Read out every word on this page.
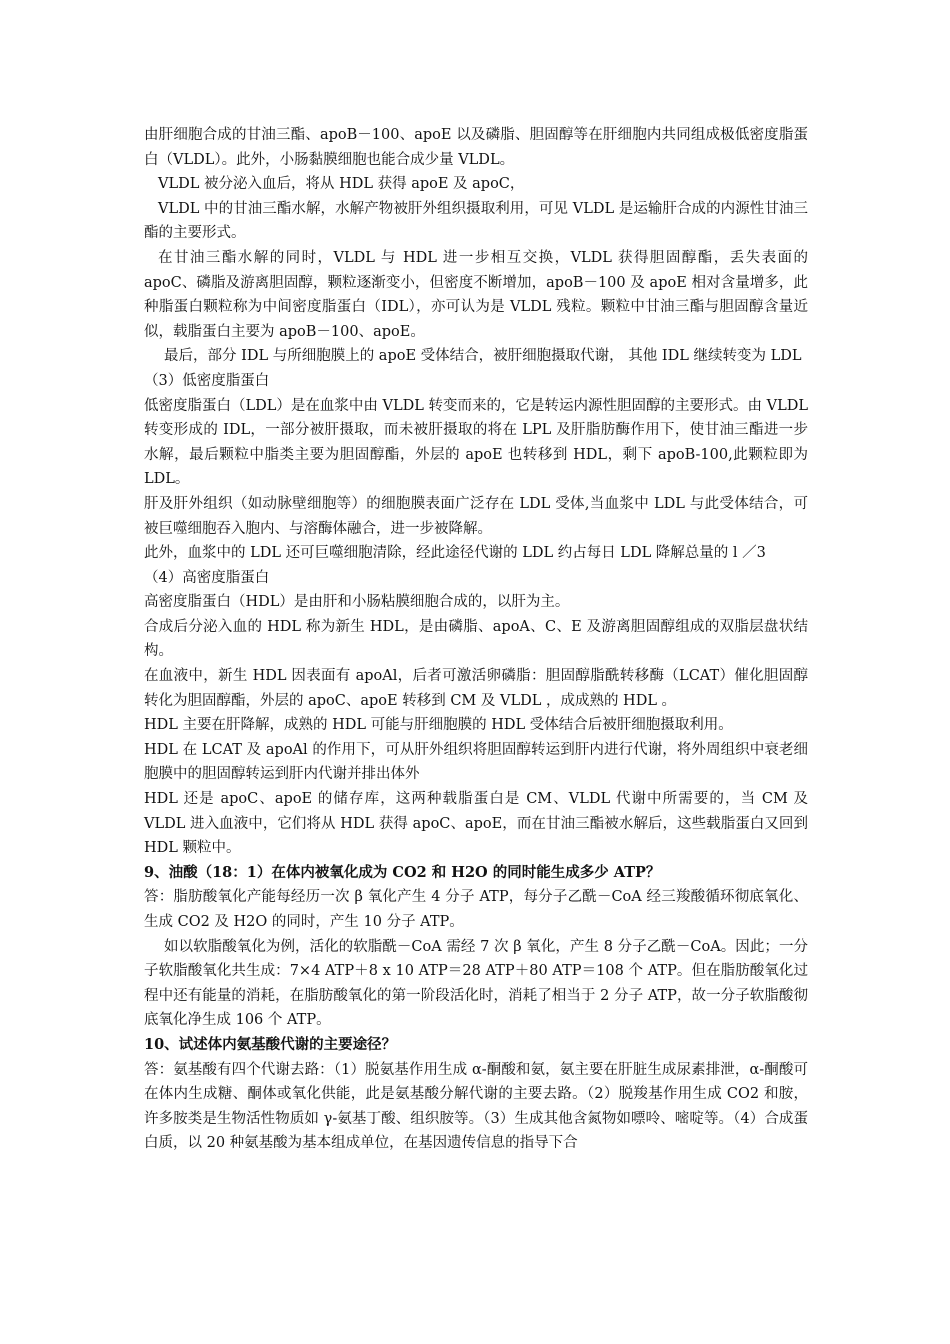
由肝细胞合成的甘油三酯、apoB－100、apoE 以及磷脂、胆固醇等在肝细胞内共同组成极低密度脂蛋白（VLDL）。此外，小肠黏膜细胞也能合成少量 VLDL。

VLDL 被分泌入血后，将从 HDL 获得 apoE 及 apoC，

VLDL 中的甘油三酯水解，水解产物被肝外组织摄取利用，可见 VLDL 是运输肝合成的内源性甘油三酯的主要形式。

在甘油三酯水解的同时，VLDL 与 HDL 进一步相互交换，VLDL 获得胆固醇酯，丢失表面的 apoC、磷脂及游离胆固醇，颗粒逐渐变小，但密度不断增加，apoB－100 及 apoE 相对含量增多，此种脂蛋白颗粒称为中间密度脂蛋白（IDL），亦可认为是 VLDL 残粒。颗粒中甘油三酯与胆固醇含量近似，载脂蛋白主要为 apoB－100、apoE。

最后，部分 IDL 与所细胞膜上的 apoE 受体结合，被肝细胞摄取代谢， 其他 IDL 继续转变为 LDL

（3）低密度脂蛋白

低密度脂蛋白（LDL）是在血浆中由 VLDL 转变而来的，它是转运内源性胆固醇的主要形式。由 VLDL 转变形成的 IDL，一部分被肝摄取，而未被肝摄取的将在 LPL 及肝脂肪酶作用下，使甘油三酯进一步水解，最后颗粒中脂类主要为胆固醇酯，外层的 apoE 也转移到 HDL，剩下 apoB-100,此颗粒即为 LDL。

肝及肝外组织（如动脉壁细胞等）的细胞膜表面广泛存在 LDL 受体,当血浆中 LDL 与此受体结合，可被巨噬细胞吞入胞内、与溶酶体融合，进一步被降解。

此外，血浆中的 LDL 还可巨噬细胞清除，经此途径代谢的 LDL 约占每日 LDL 降解总量的 l ／3

（4）高密度脂蛋白

高密度脂蛋白（HDL）是由肝和小肠粘膜细胞合成的，以肝为主。

合成后分泌入血的 HDL 称为新生 HDL，是由磷脂、apoA、C、E 及游离胆固醇组成的双脂层盘状结构。

在血液中，新生 HDL 因表面有 apoAl，后者可激活卵磷脂：胆固醇脂酰转移酶（LCAT）催化胆固醇转化为胆固醇酯，外层的 apoC、apoE 转移到 CM 及 VLDL ，成成熟的 HDL 。

HDL 主要在肝降解，成熟的 HDL 可能与肝细胞膜的 HDL 受体结合后被肝细胞摄取利用。

HDL 在 LCAT 及 apoAl 的作用下，可从肝外组织将胆固醇转运到肝内进行代谢，将外周组织中衰老细胞膜中的胆固醇转运到肝内代谢并排出体外

HDL 还是 apoC、apoE 的储存库，这两种载脂蛋白是 CM、VLDL 代谢中所需要的，当 CM 及 VLDL 进入血液中，它们将从 HDL 获得 apoC、apoE，而在甘油三酯被水解后，这些载脂蛋白又回到 HDL 颗粒中。

9、油酸（18：1）在体内被氧化成为 CO2 和 H2O 的同时能生成多少 ATP？

答：脂肪酸氧化产能每经历一次 β 氧化产生 4 分子 ATP，每分子乙酰－CoA 经三羧酸循环彻底氧化、生成 CO2 及 H2O 的同时，产生 10 分子 ATP。

如以软脂酸氧化为例，活化的软脂酰－CoA 需经 7 次 β 氧化，产生 8 分子乙酰－CoA。因此；一分子软脂酸氧化共生成：7×4 ATP＋8 x 10 ATP＝28 ATP＋80 ATP＝108 个 ATP。但在脂肪酸氧化过程中还有能量的消耗，在脂肪酸氧化的第一阶段活化时，消耗了相当于 2 分子 ATP，故一分子软脂酸彻底氧化净生成 106 个 ATP。

10、试述体内氨基酸代谢的主要途径？

答：氨基酸有四个代谢去路：（1）脱氨基作用生成 α-酮酸和氨，氨主要在肝脏生成尿素排泄，α-酮酸可在体内生成糖、酮体或氧化供能，此是氨基酸分解代谢的主要去路。（2）脱羧基作用生成 CO2 和胺，许多胺类是生物活性物质如 γ-氨基丁酸、组织胺等。（3）生成其他含氮物如嘌呤、嘧啶等。（4）合成蛋白质，以 20 种氨基酸为基本组成单位，在基因遗传信息的指导下合
